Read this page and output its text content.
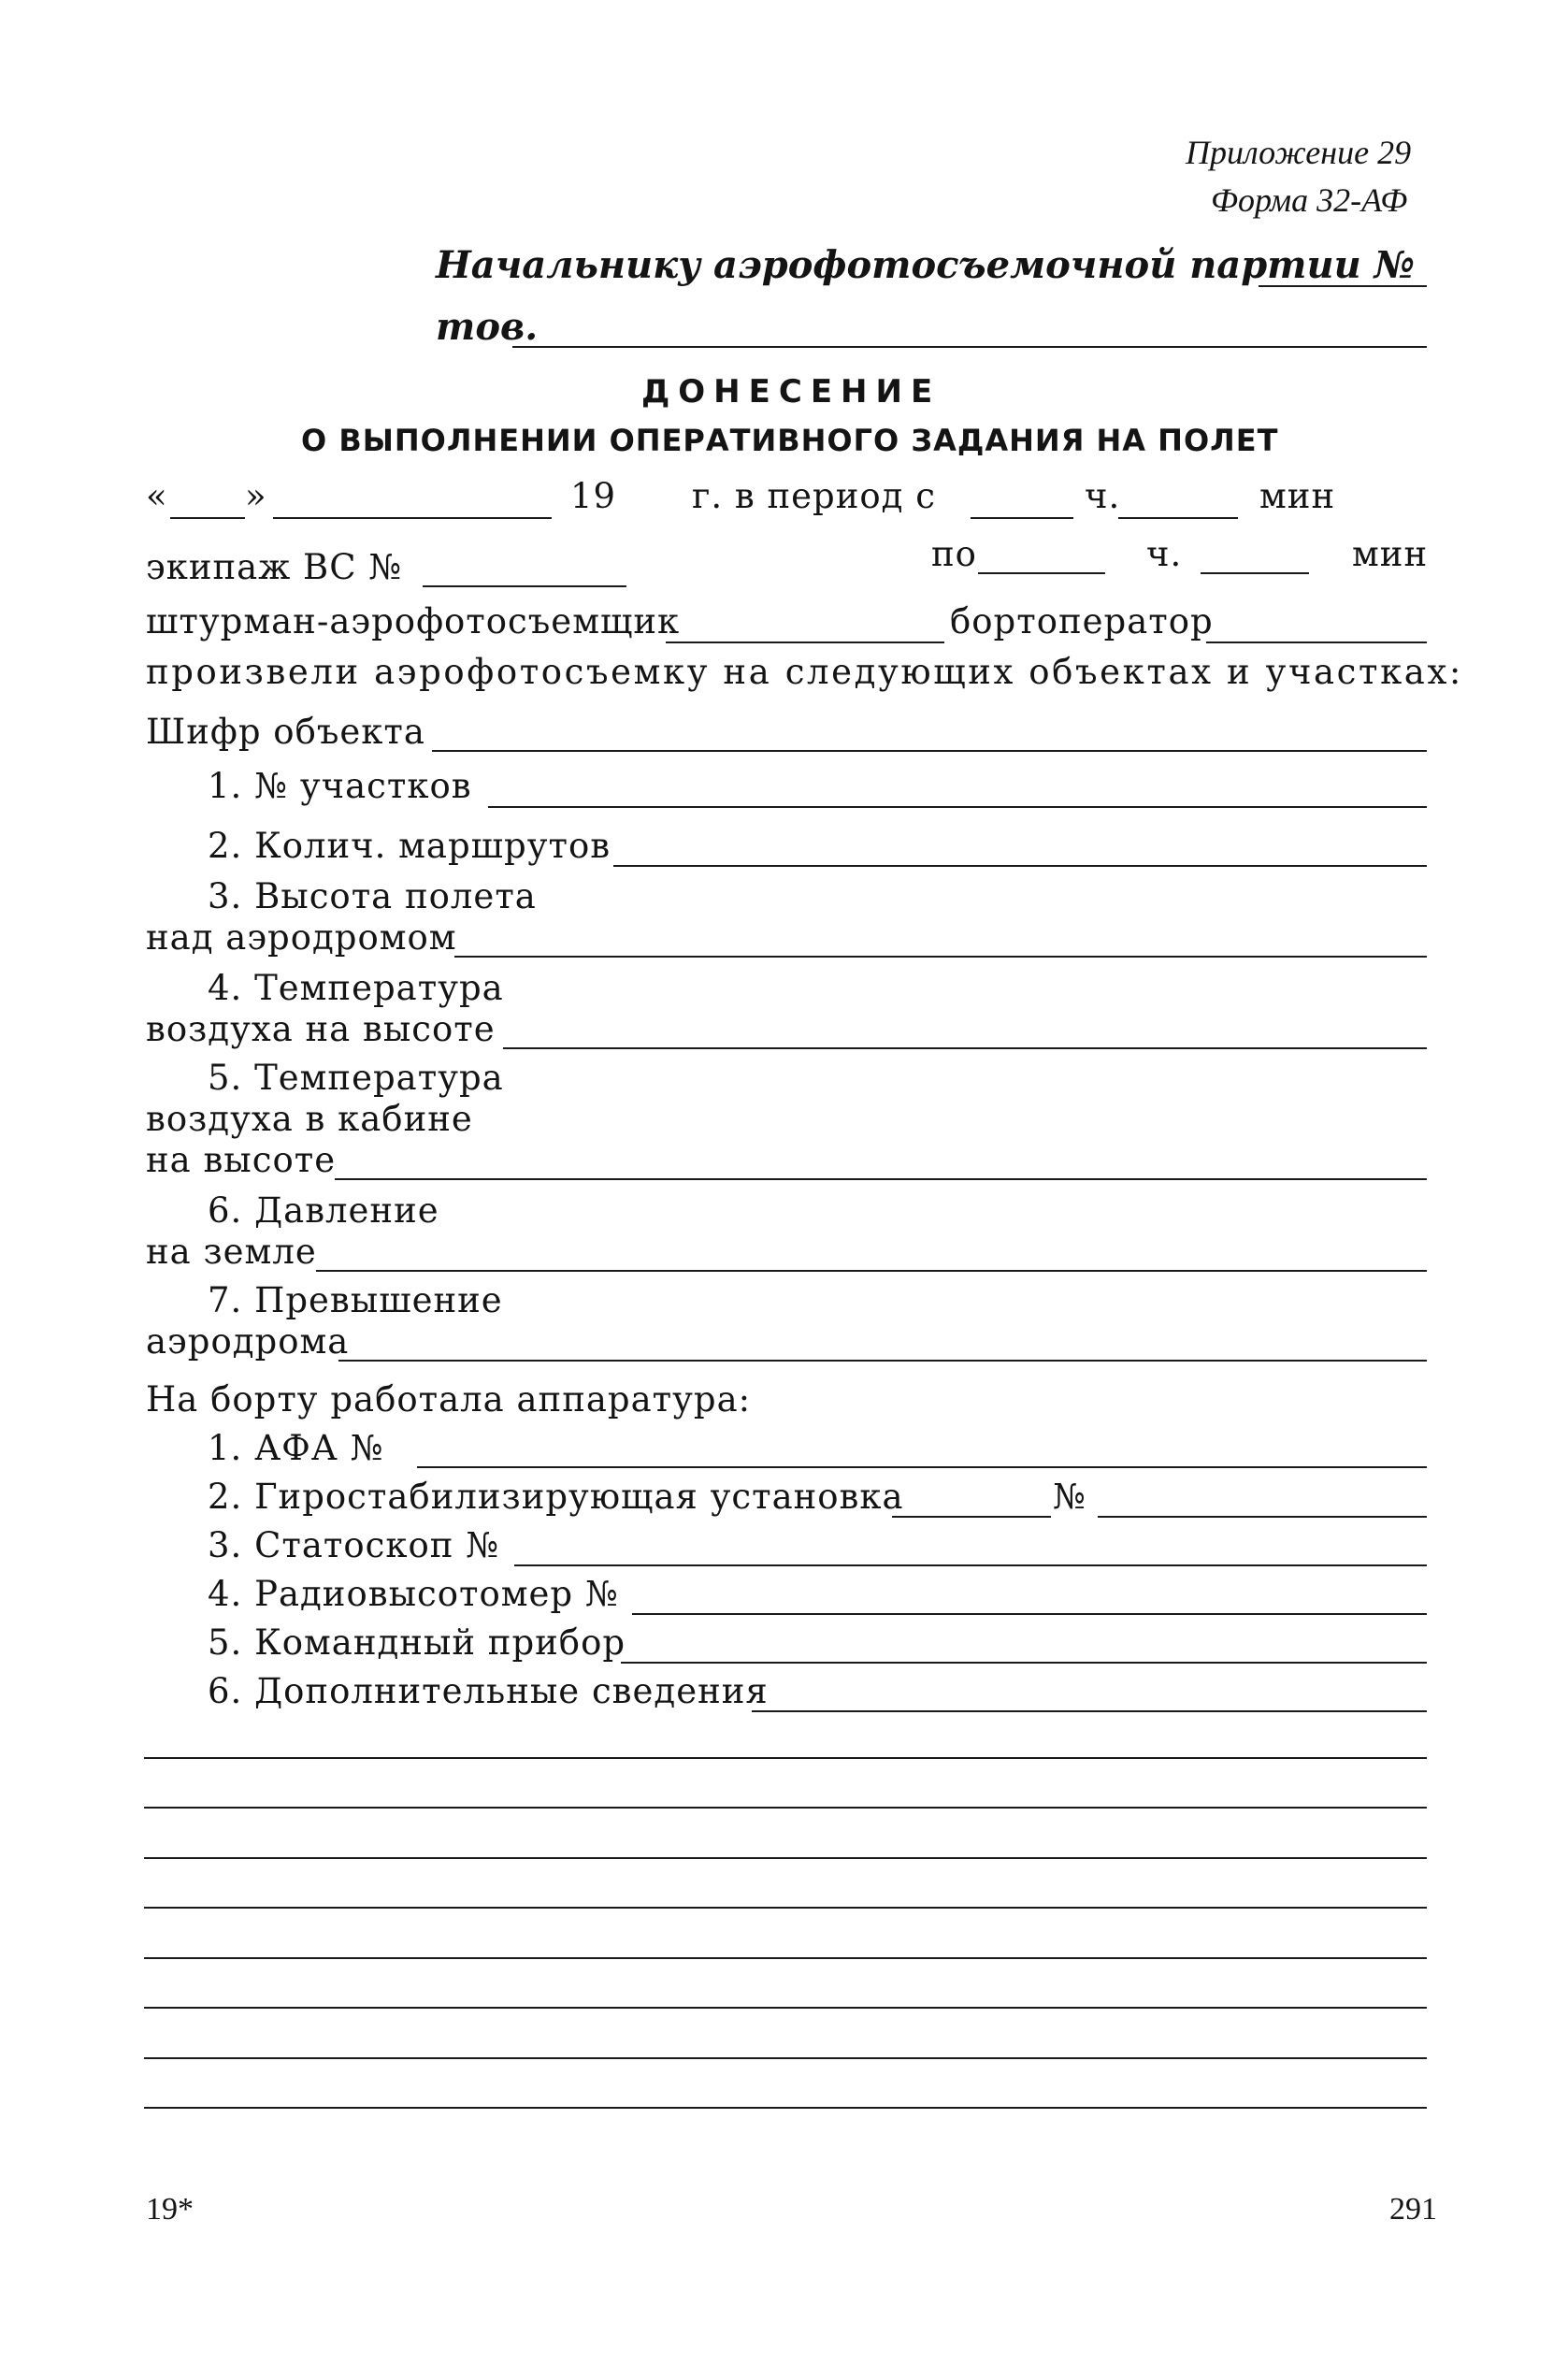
Приложение 29
Форма 32-АФ
Начальнику аэрофотосъемочной партии №
тов.
ДОНЕСЕНИЕ
О ВЫПОЛНЕНИИ ОПЕРАТИВНОГО ЗАДАНИЯ НА ПОЛЕТ
« »	19 г. в период с	ч.	мин
экипаж ВС №	по	ч.	мин
штурман-аэрофотосъемщик	бортоператор
произвели аэрофотосъемку на следующих объектах и участках:
Шифр объекта
1. № участков
2. Колич. маршрутов
3. Высота полета
над аэродромом
4. Температура
воздуха на высоте
5. Температура
воздуха в кабине
на высоте
6. Давление
на земле
7. Превышение
аэродрома
На борту работала аппаратура:
1. АФА №
2. Гиростабилизирующая установка	№
3. Статоскоп №
4. Радиовысотомер №
5. Командный прибор
6. Дополнительные сведения
19*	291
